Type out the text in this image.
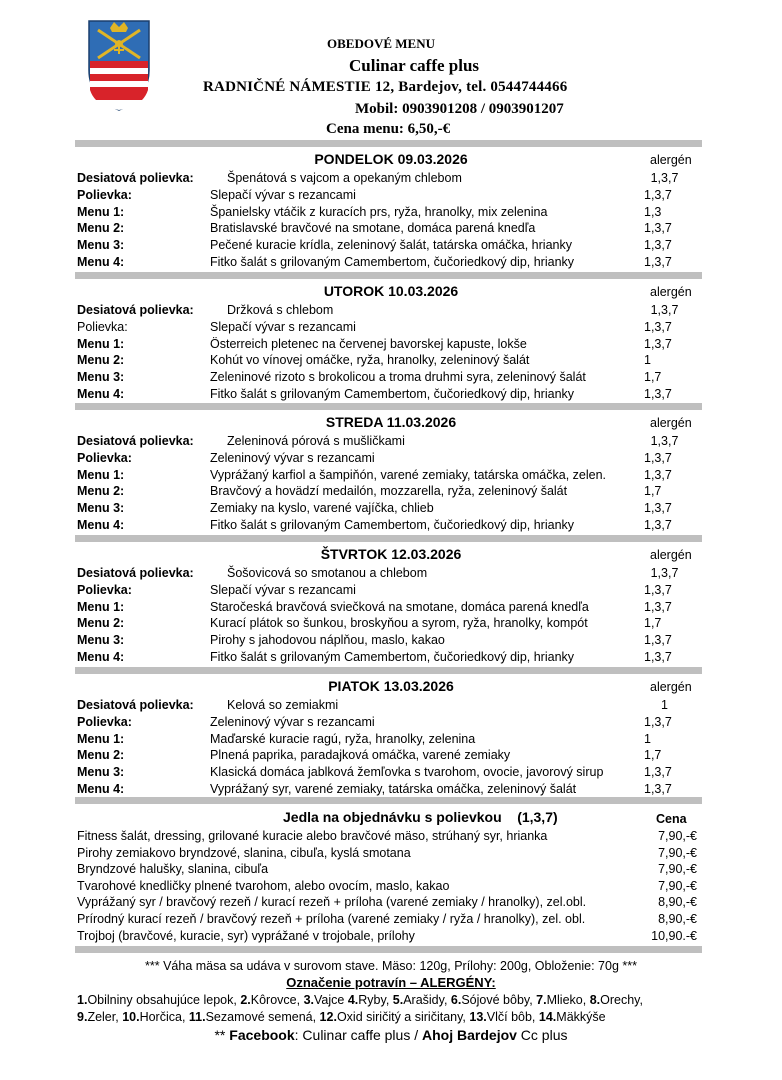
OBEDOVÉ MENU
Culinar caffe plus
RADNIČNÉ NÁMESTIE 12, Bardejov, tel. 0544744466
Mobil: 0903901208 / 0903901207
Cena menu: 6,50,-€
PONDELOK 09.03.2026	alergén
Desiatová polievka:	Špenátová s vajcom a opekaným chlebom	1,3,7
Polievka:	Slepačí vývar s rezancami	1,3,7
Menu 1:	Španielsky vtáčik z kuracích prs, ryža, hranolky, mix zelenina	1,3
Menu 2:	Bratislavské bravčové na smotane, domáca parená knedľa	1,3,7
Menu 3:	Pečené kuracie krídla, zeleninový šalát, tatárska omáčka, hrianky	1,3,7
Menu 4:	Fitko šalát s grilovaným Camembertom, čučoriedkový dip, hrianky	1,3,7
UTOROK 10.03.2026	alergén
Desiatová polievka:	Držková s chlebom	1,3,7
Polievka:	Slepačí vývar s rezancami	1,3,7
Menu 1:	Österreich pletenec na červenej bavorskej kapuste, lokše	1,3,7
Menu 2:	Kohút vo vínovej omáčke, ryža, hranolky, zeleninový šalát	1
Menu 3:	Zeleninové rizoto s brokolicou a troma druhmi syra, zeleninový šalát	1,7
Menu 4:	Fitko šalát s grilovaným Camembertom, čučoriedkový dip, hrianky	1,3,7
STREDA 11.03.2026	alergén
Desiatová polievka:	Zeleninová pórová s mušličkami	1,3,7
Polievka:	Zeleninový vývar s rezancami	1,3,7
Menu 1:	Vyprážaný karfiol a šampiňón, varené zemiaky, tatárska omáčka, zelen.	1,3,7
Menu 2:	Bravčový a hovädzí medailón, mozzarella, ryža, zeleninový šalát	1,7
Menu 3:	Zemiaky na kyslo, varené vajíčka, chlieb	1,3,7
Menu 4:	Fitko šalát s grilovaným Camembertom, čučoriedkový dip, hrianky	1,3,7
ŠTVRTOK 12.03.2026	alergén
Desiatová polievka:	Šošovicová so smotanou a chlebom	1,3,7
Polievka:	Slepačí vývar s rezancami	1,3,7
Menu 1:	Staročeská bravčová sviečková na smotane, domáca parená knedľa	1,3,7
Menu 2:	Kurací plátok so šunkou, broskyňou a syrom, ryža, hranolky, kompót	1,7
Menu 3:	Pirohy s jahodovou náplňou, maslo, kakao	1,3,7
Menu 4:	Fitko šalát s grilovaným Camembertom, čučoriedkový dip, hrianky	1,3,7
PIATOK 13.03.2026	alergén
Desiatová polievka:	Kelová so zemiakmi	1
Polievka:	Zeleninový vývar s rezancami	1,3,7
Menu 1:	Maďarské kuracie ragú, ryža, hranolky, zelenina	1
Menu 2:	Plnená paprika, paradajková omáčka, varené zemiaky	1,7
Menu 3:	Klasická domáca jablková žemľovka s tvarohom, ovocie, javorový sirup	1,3,7
Menu 4:	Vyprážaný syr, varené zemiaky, tatárska omáčka, zeleninový šalát	1,3,7
Jedla na objednávku s polievkou (1,3,7)	Cena
Fitness šalát, dressing, grilované kuracie alebo bravčové mäso, strúhaný syr, hrianka	7,90,-€
Pirohy zemiakovo bryndzové, slanina, cibuľa, kyslá smotana	7,90,-€
Bryndzové halušky, slanina, cibuľa	7,90,-€
Tvarohové knedličky plnené tvarohom, alebo ovocím, maslo, kakao	7,90,-€
Vyprážaný syr / bravčový rezeň / kurací rezeň + príloha (varené zemiaky / hranolky), zel.obl.	8,90,-€
Prírodný kurací rezeň / bravčový rezeň + príloha (varené zemiaky / ryža / hranolky), zel. obl.	8,90,-€
Trojboj (bravčové, kuracie, syr) vyprážané v trojobale, prílohy	10,90.-€
*** Váha mäsa sa udáva v surovom stave. Mäso: 120g, Prílohy: 200g, Obloženie: 70g ***
Označenie potravín – ALERGÉNY:
1.Obilniny obsahujúce lepok, 2.Kôrovce, 3.Vajce 4.Ryby, 5.Arašidy, 6.Sójové bôby, 7.Mlieko, 8.Orechy,
9.Zeler, 10.Horčica, 11.Sezamové semená, 12.Oxid siričitý a siričitany, 13.Vlčí bôb, 14.Mäkkýše
** Facebook: Culinar caffe plus / Ahoj Bardejov Cc plus
